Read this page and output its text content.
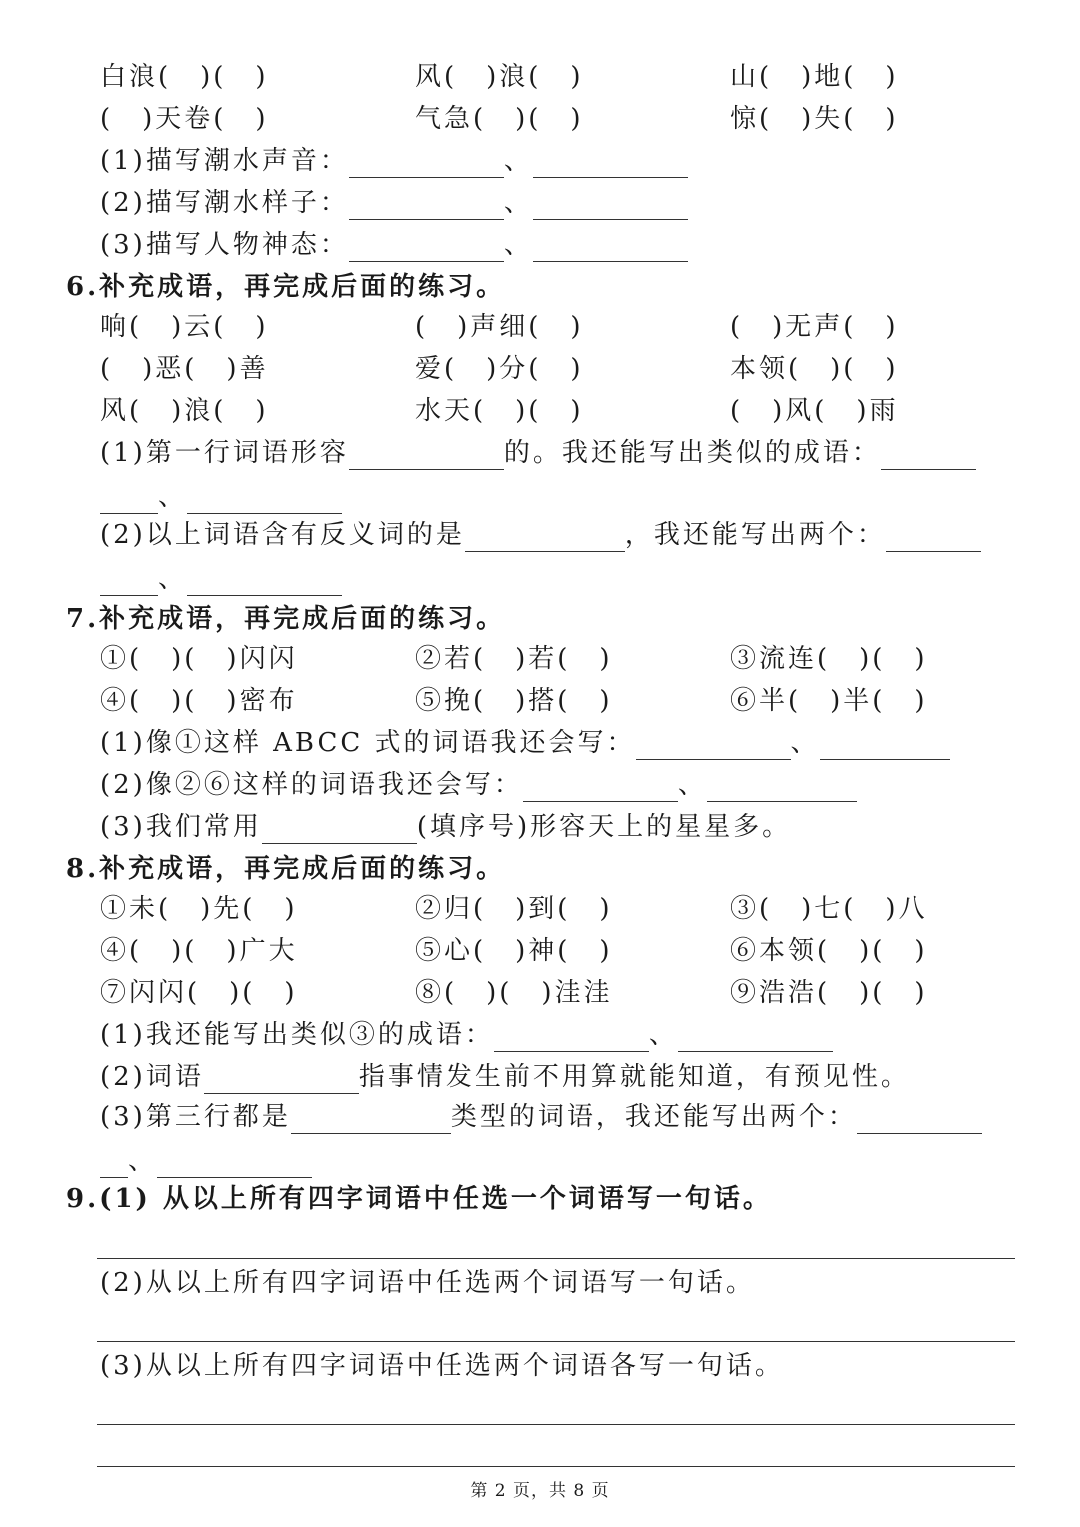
白浪(　)(　)	风(　)浪(　)	山(　)地(　)
(　)天卷(　)	气急(　)(　)	惊(　)失(　)
(1)描写潮水声音：	、
(2)描写潮水样子：	、
(3)描写人物神态：	、
6.补充成语，再完成后面的练习。
响(　)云(　)	(　)声细(　)	(　)无声(　)
(　)恶(　)善	爱(　)分(　)	本领(　)(　)
风(　)浪(　)	水天(　)(　)	(　)风(　)雨
(1)第一行词语形容	的。我还能写出类似的成语：
、
(2)以上词语含有反义词的是	，我还能写出两个：
、
7.补充成语，再完成后面的练习。
①(　)(　)闪闪	②若(　)若(　)	③流连(　)(　)
④(　)(　)密布	⑤挽(　)搭(　)	⑥半(　)半(　)
(1)像①这样 ABCC 式的词语我还会写：	、
(2)像②⑥这样的词语我还会写：	、
(3)我们常用	(填序号)形容天上的星星多。
8.补充成语，再完成后面的练习。
①未(　)先(　)	②归(　)到(　)	③(　)七(　)八
④(　)(　)广大	⑤心(　)神(　)	⑥本领(　)(　)
⑦闪闪(　)(　)	⑧(　)(　)洼洼	⑨浩浩(　)(　)
(1)我还能写出类似③的成语：	、
(2)词语	指事情发生前不用算就能知道，有预见性。
(3)第三行都是	类型的词语，我还能写出两个：
、
9.(1) 从以上所有四字词语中任选一个词语写一句话。
(2)从以上所有四字词语中任选两个词语写一句话。
(3)从以上所有四字词语中任选两个词语各写一句话。
第 2 页，共 8 页
